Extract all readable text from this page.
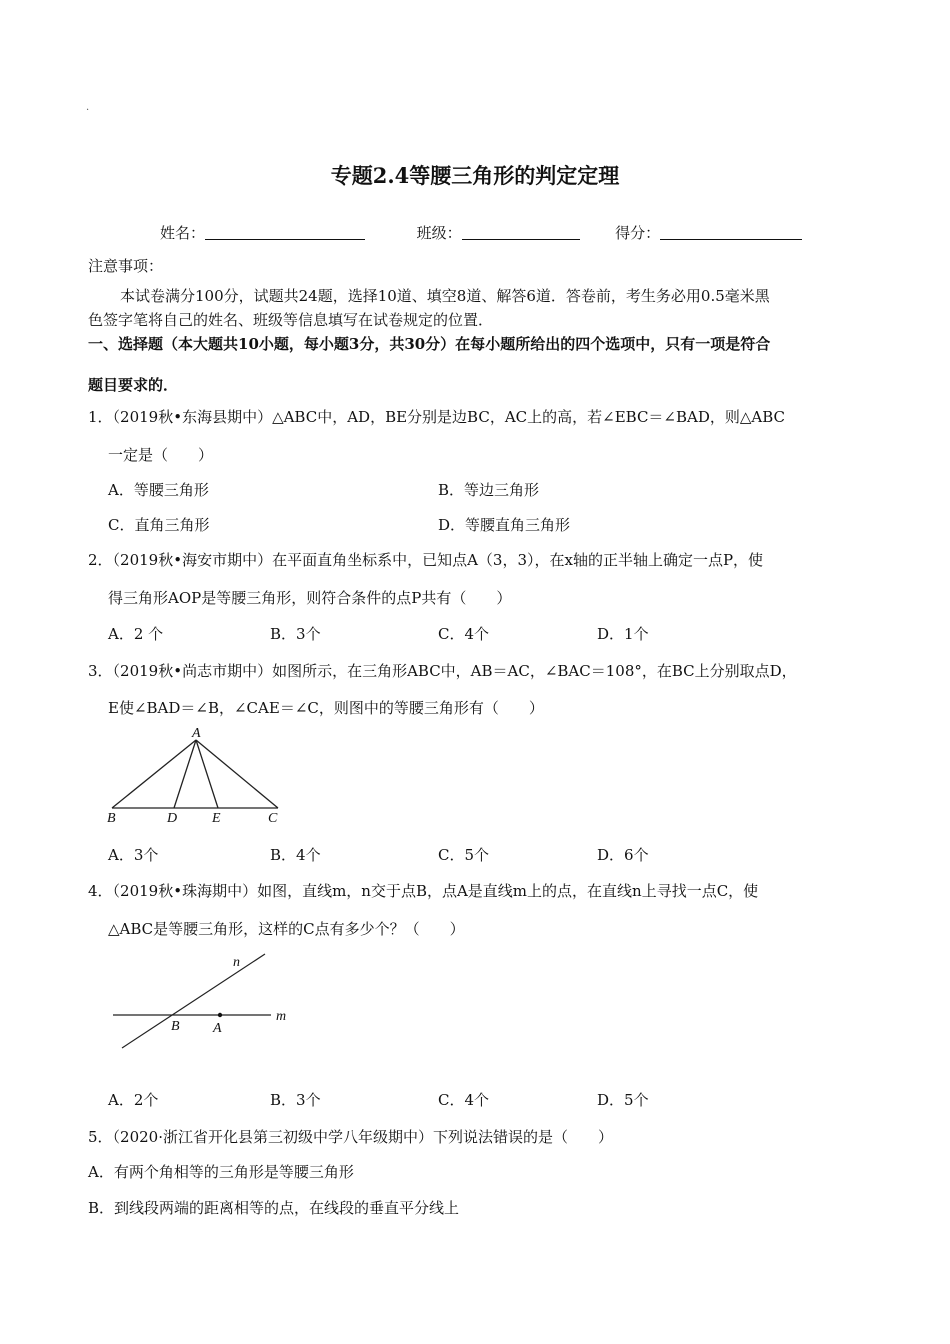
.
专题2.4等腰三角形的判定定理
姓名：	班级：	得分：
注意事项：
本试卷满分100分，试题共24题，选择10道、填空8道、解答6道．答卷前，考生务必用0.5毫米黑
色签字笔将自己的姓名、班级等信息填写在试卷规定的位置．
一、选择题（本大题共10小题，每小题3分，共30分）在每小题所给出的四个选项中，只有一项是符合
题目要求的．
1．（2019秋•东海县期中）△ABC中，AD，BE分别是边BC，AC上的高，若∠EBC＝∠BAD，则△ABC
一定是（　　）
A．等腰三角形	B．等边三角形
C．直角三角形	D．等腰直角三角形
2．（2019秋•海安市期中）在平面直角坐标系中，已知点A（3，3），在x轴的正半轴上确定一点P，使
得三角形AOP是等腰三角形，则符合条件的点P共有（　　）
A．2 个	B．3个	C．4个	D．1个
3．（2019秋•尚志市期中）如图所示，在三角形ABC中，AB＝AC，∠BAC＝108°，在BC上分别取点D，
E使∠BAD＝∠B，∠CAE＝∠C，则图中的等腰三角形有（　　）
A
B	D E	C
A．3个	B．4个	C．5个	D．6个
4．（2019秋•珠海期中）如图，直线m，n交于点B，点A是直线m上的点，在直线n上寻找一点C，使
△ABC是等腰三角形，这样的C点有多少个？（　　）
n
m
B A
A．2个	B．3个	C．4个	D．5个
5．（2020·浙江省开化县第三初级中学八年级期中）下列说法错误的是（　　）
A．有两个角相等的三角形是等腰三角形
B．到线段两端的距离相等的点，在线段的垂直平分线上
